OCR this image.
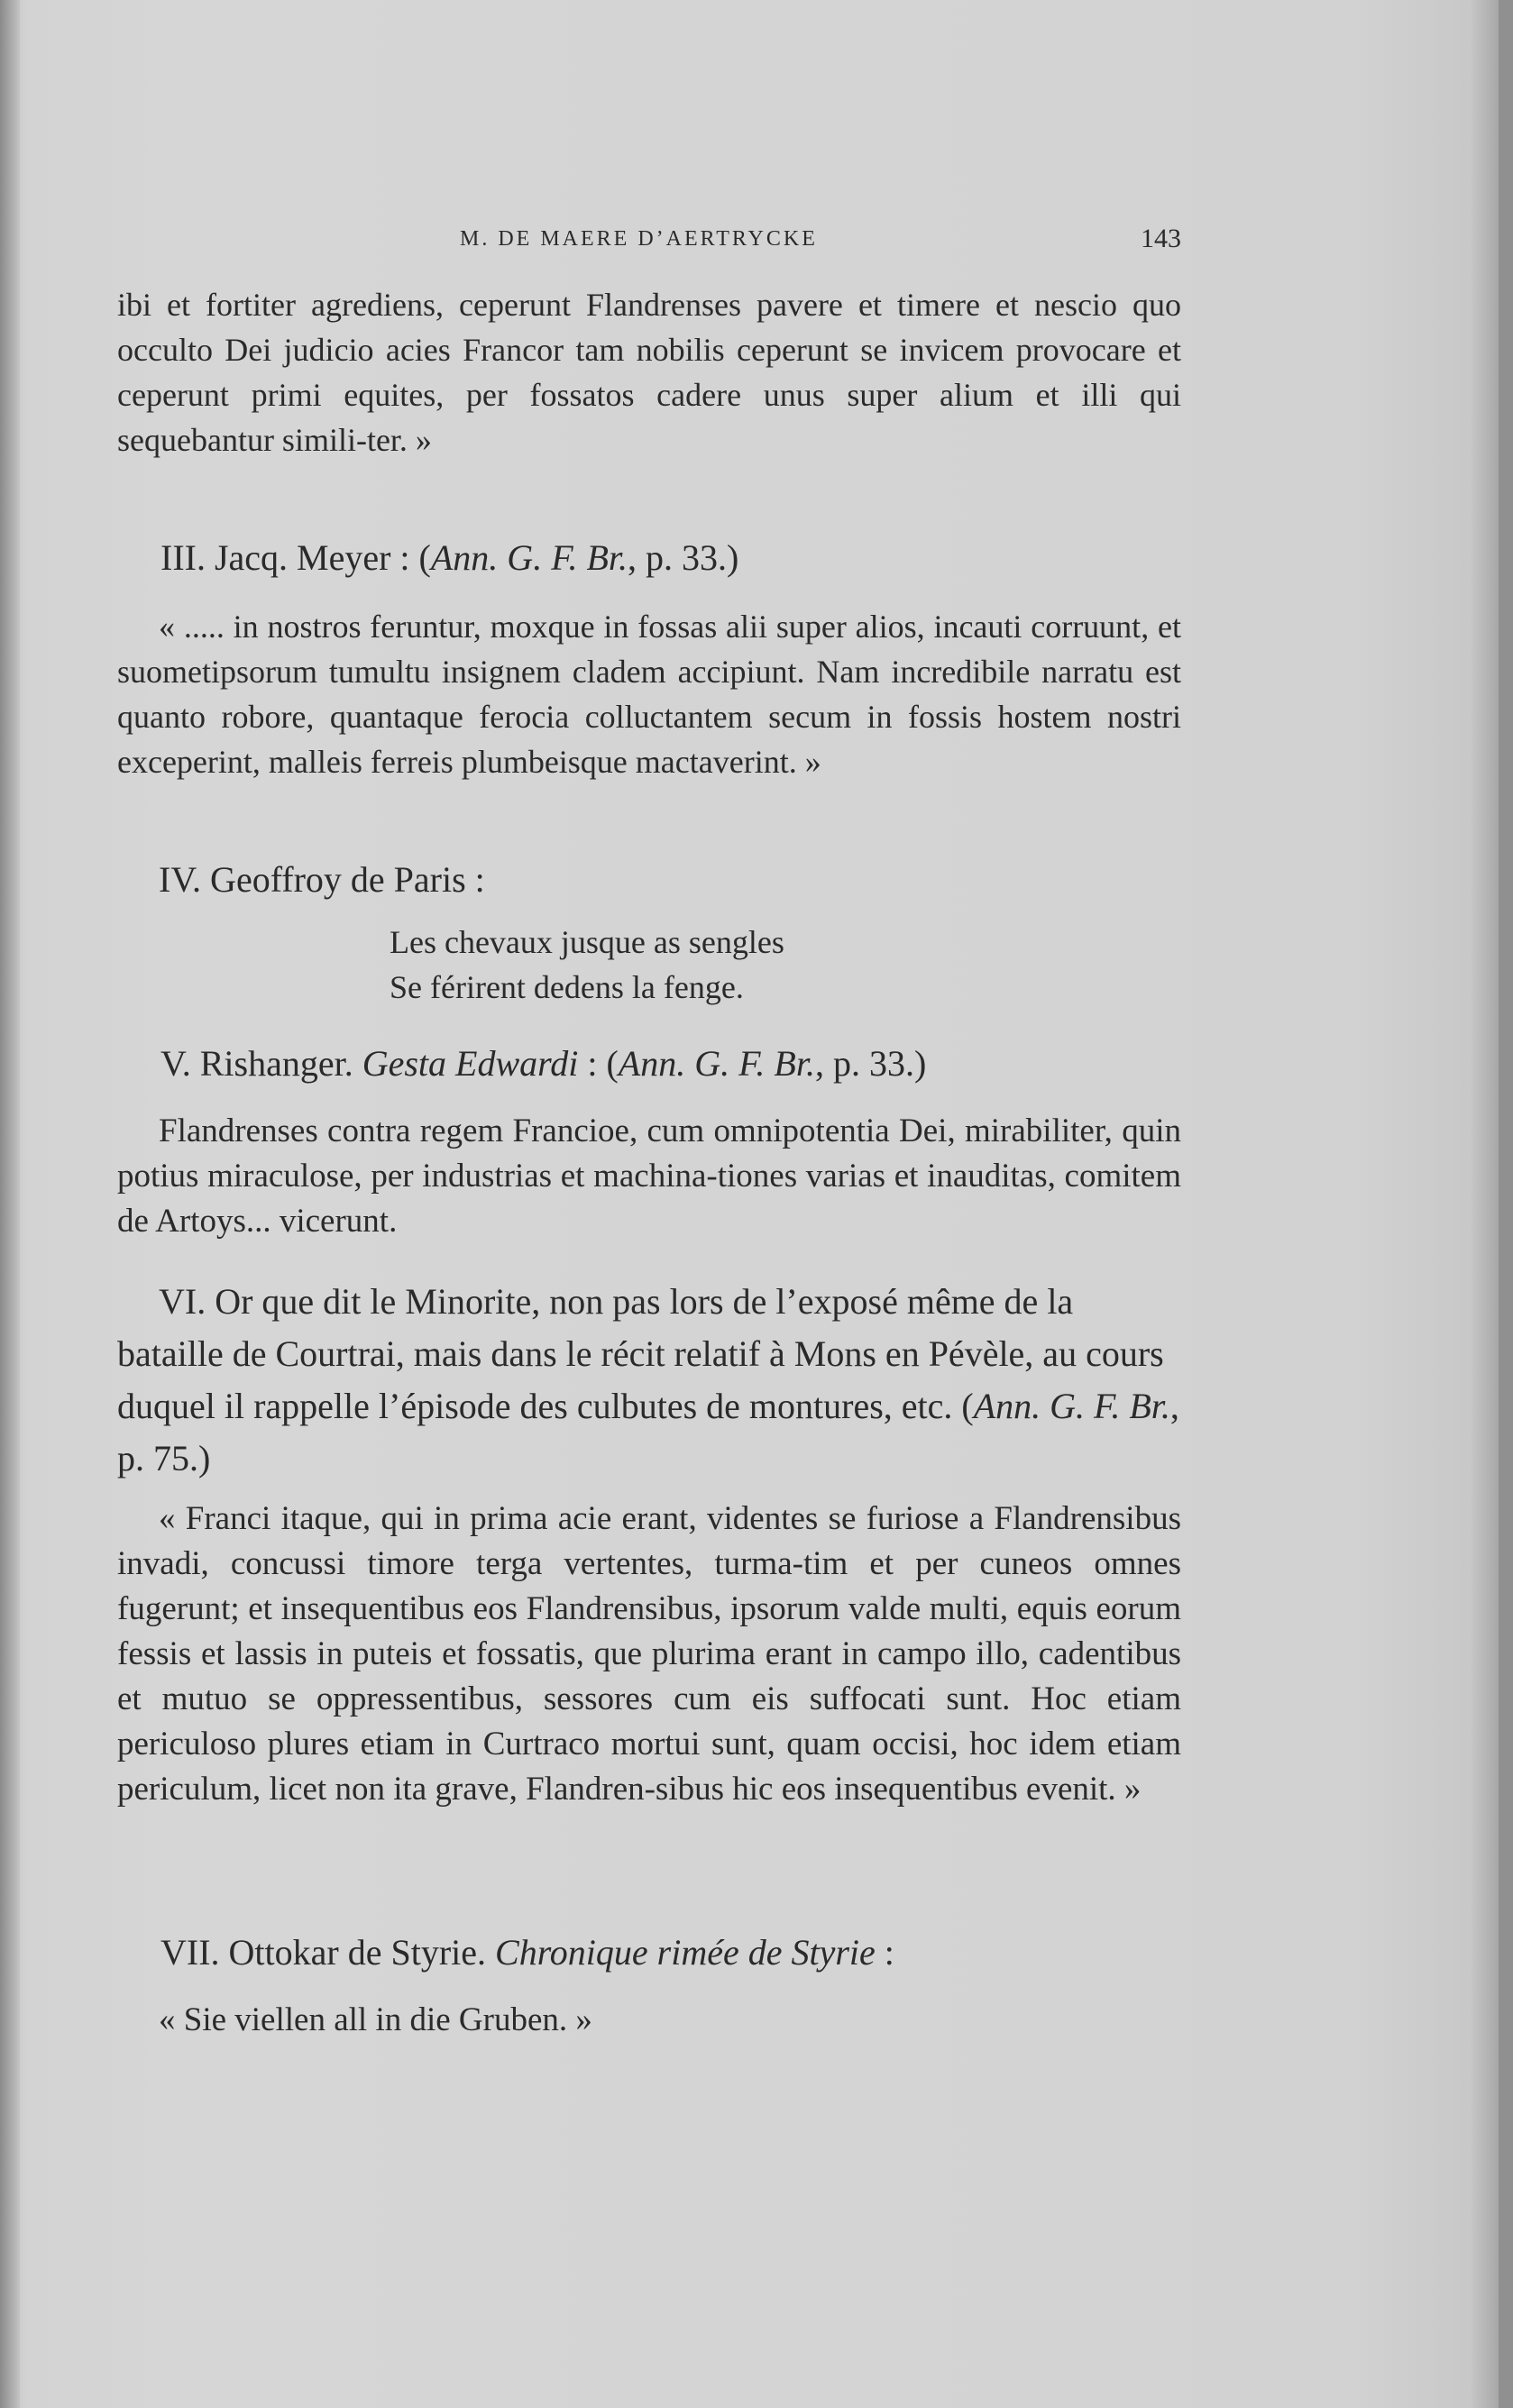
M. DE MAERE D’AERTRYCKE	143
ibi et fortiter agrediens, ceperunt Flandrenses pavere et timere et nescio quo occulto Dei judicio acies Francor tam nobilis ceperunt se invicem provocare et ceperunt primi equites, per fossatos cadere unus super alium et illi qui sequebantur simili-ter. »
III. Jacq. Meyer : (Ann. G. F. Br., p. 33.)
« ..... in nostros feruntur, moxque in fossas alii super alios, incauti corruunt, et suometipsorum tumultu insignem cladem accipiunt. Nam incredibile narratu est quanto robore, quantaque ferocia colluctantem secum in fossis hostem nostri exceperint, malleis ferreis plumbeisque mactaverint. »
IV. Geoffroy de Paris :
Les chevaux jusque as sengles
Se férirent dedens la fenge.
V. Rishanger. Gesta Edwardi : (Ann. G. F. Br., p. 33.)
Flandrenses contra regem Francioe, cum omnipotentia Dei, mirabiliter, quin potius miraculose, per industrias et machina-tiones varias et inauditas, comitem de Artoys... vicerunt.
VI. Or que dit le Minorite, non pas lors de l’exposé même de la bataille de Courtrai, mais dans le récit relatif à Mons en Pévèle, au cours duquel il rappelle l’épisode des culbutes de montures, etc. (Ann. G. F. Br., p. 75.)
« Franci itaque, qui in prima acie erant, videntes se furiose a Flandrensibus invadi, concussi timore terga vertentes, turma-tim et per cuneos omnes fugerunt; et insequentibus eos Flandrensibus, ipsorum valde multi, equis eorum fessis et lassis in puteis et fossatis, que plurima erant in campo illo, cadentibus et mutuo se oppressentibus, sessores cum eis suffocati sunt. Hoc etiam periculoso plures etiam in Curtraco mortui sunt, quam occisi, hoc idem etiam periculum, licet non ita grave, Flandren-sibus hic eos insequentibus evenit. »
VII. Ottokar de Styrie. Chronique rimée de Styrie :
« Sie viellen all in die Gruben. »
